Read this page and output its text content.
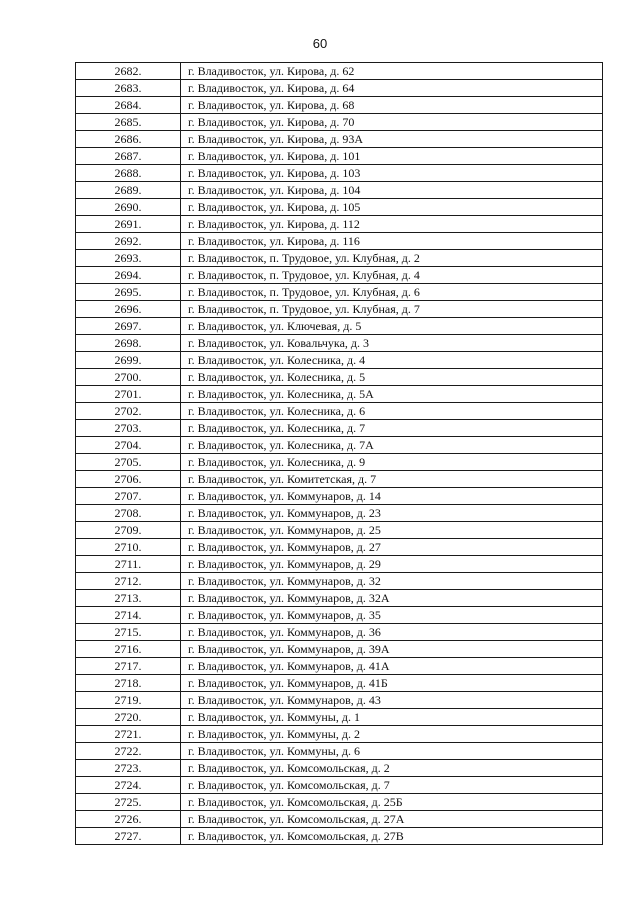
60
2682.	г. Владивосток, ул. Кирова, д. 62
2683.	г. Владивосток, ул. Кирова, д. 64
2684.	г. Владивосток, ул. Кирова, д. 68
2685.	г. Владивосток, ул. Кирова, д. 70
2686.	г. Владивосток, ул. Кирова, д. 93А
2687.	г. Владивосток, ул. Кирова, д. 101
2688.	г. Владивосток, ул. Кирова, д. 103
2689.	г. Владивосток, ул. Кирова, д. 104
2690.	г. Владивосток, ул. Кирова, д. 105
2691.	г. Владивосток, ул. Кирова, д. 112
2692.	г. Владивосток, ул. Кирова, д. 116
2693.	г. Владивосток, п. Трудовое, ул. Клубная, д. 2
2694.	г. Владивосток, п. Трудовое, ул. Клубная, д. 4
2695.	г. Владивосток, п. Трудовое, ул. Клубная, д. 6
2696.	г. Владивосток, п. Трудовое, ул. Клубная, д. 7
2697.	г. Владивосток, ул. Ключевая, д. 5
2698.	г. Владивосток, ул. Ковальчука, д. 3
2699.	г. Владивосток, ул. Колесника, д. 4
2700.	г. Владивосток, ул. Колесника, д. 5
2701.	г. Владивосток, ул. Колесника, д. 5А
2702.	г. Владивосток, ул. Колесника, д. 6
2703.	г. Владивосток, ул. Колесника, д. 7
2704.	г. Владивосток, ул. Колесника, д. 7А
2705.	г. Владивосток, ул. Колесника, д. 9
2706.	г. Владивосток, ул. Комитетская, д. 7
2707.	г. Владивосток, ул. Коммунаров, д. 14
2708.	г. Владивосток, ул. Коммунаров, д. 23
2709.	г. Владивосток, ул. Коммунаров, д. 25
2710.	г. Владивосток, ул. Коммунаров, д. 27
2711.	г. Владивосток, ул. Коммунаров, д. 29
2712.	г. Владивосток, ул. Коммунаров, д. 32
2713.	г. Владивосток, ул. Коммунаров, д. 32А
2714.	г. Владивосток, ул. Коммунаров, д. 35
2715.	г. Владивосток, ул. Коммунаров, д. 36
2716.	г. Владивосток, ул. Коммунаров, д. 39А
2717.	г. Владивосток, ул. Коммунаров, д. 41А
2718.	г. Владивосток, ул. Коммунаров, д. 41Б
2719.	г. Владивосток, ул. Коммунаров, д. 43
2720.	г. Владивосток, ул. Коммуны, д. 1
2721.	г. Владивосток, ул. Коммуны, д. 2
2722.	г. Владивосток, ул. Коммуны, д. 6
2723.	г. Владивосток, ул. Комсомольская, д. 2
2724.	г. Владивосток, ул. Комсомольская, д. 7
2725.	г. Владивосток, ул. Комсомольская, д. 25Б
2726.	г. Владивосток, ул. Комсомольская, д. 27А
2727.	г. Владивосток, ул. Комсомольская, д. 27В
